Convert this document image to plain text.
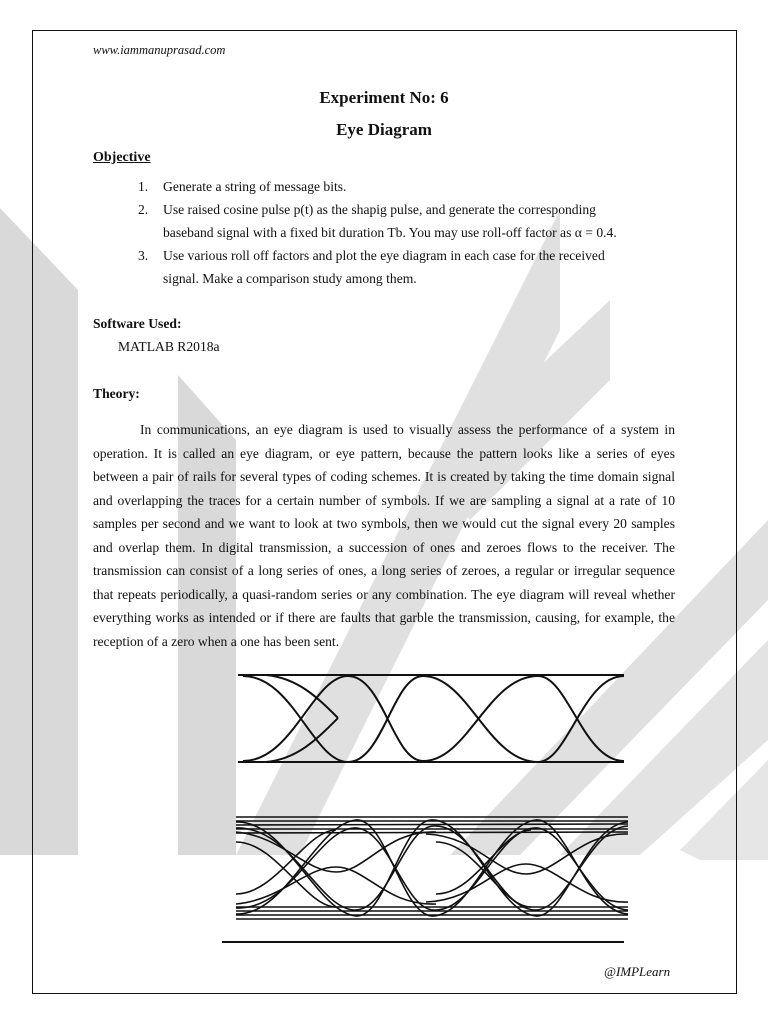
www.iammanuprasad.com
Experiment No: 6
Eye Diagram
Objective
1. Generate a string of message bits.
2. Use raised cosine pulse p(t) as the shapig pulse, and generate the corresponding
baseband signal with a fixed bit duration Tb. You may use roll-off factor as α = 0.4.
3. Use various roll off factors and plot the eye diagram in each case for the received
signal. Make a comparison study among them.
Software Used:
MATLAB R2018a
Theory:
In communications, an eye diagram is used to visually assess the performance of a system in operation. It is called an eye diagram, or eye pattern, because the pattern looks like a series of eyes between a pair of rails for several types of coding schemes. It is created by taking the time domain signal and overlapping the traces for a certain number of symbols. If we are sampling a signal at a rate of 10 samples per second and we want to look at two symbols, then we would cut the signal every 20 samples and overlap them. In digital transmission, a succession of ones and zeroes flows to the receiver. The transmission can consist of a long series of ones, a long series of zeroes, a regular or irregular sequence that repeats periodically, a quasi-random series or any combination. The eye diagram will reveal whether everything works as intended or if there are faults that garble the transmission, causing, for example, the reception of a zero when a one has been sent.
@IMPLearn
